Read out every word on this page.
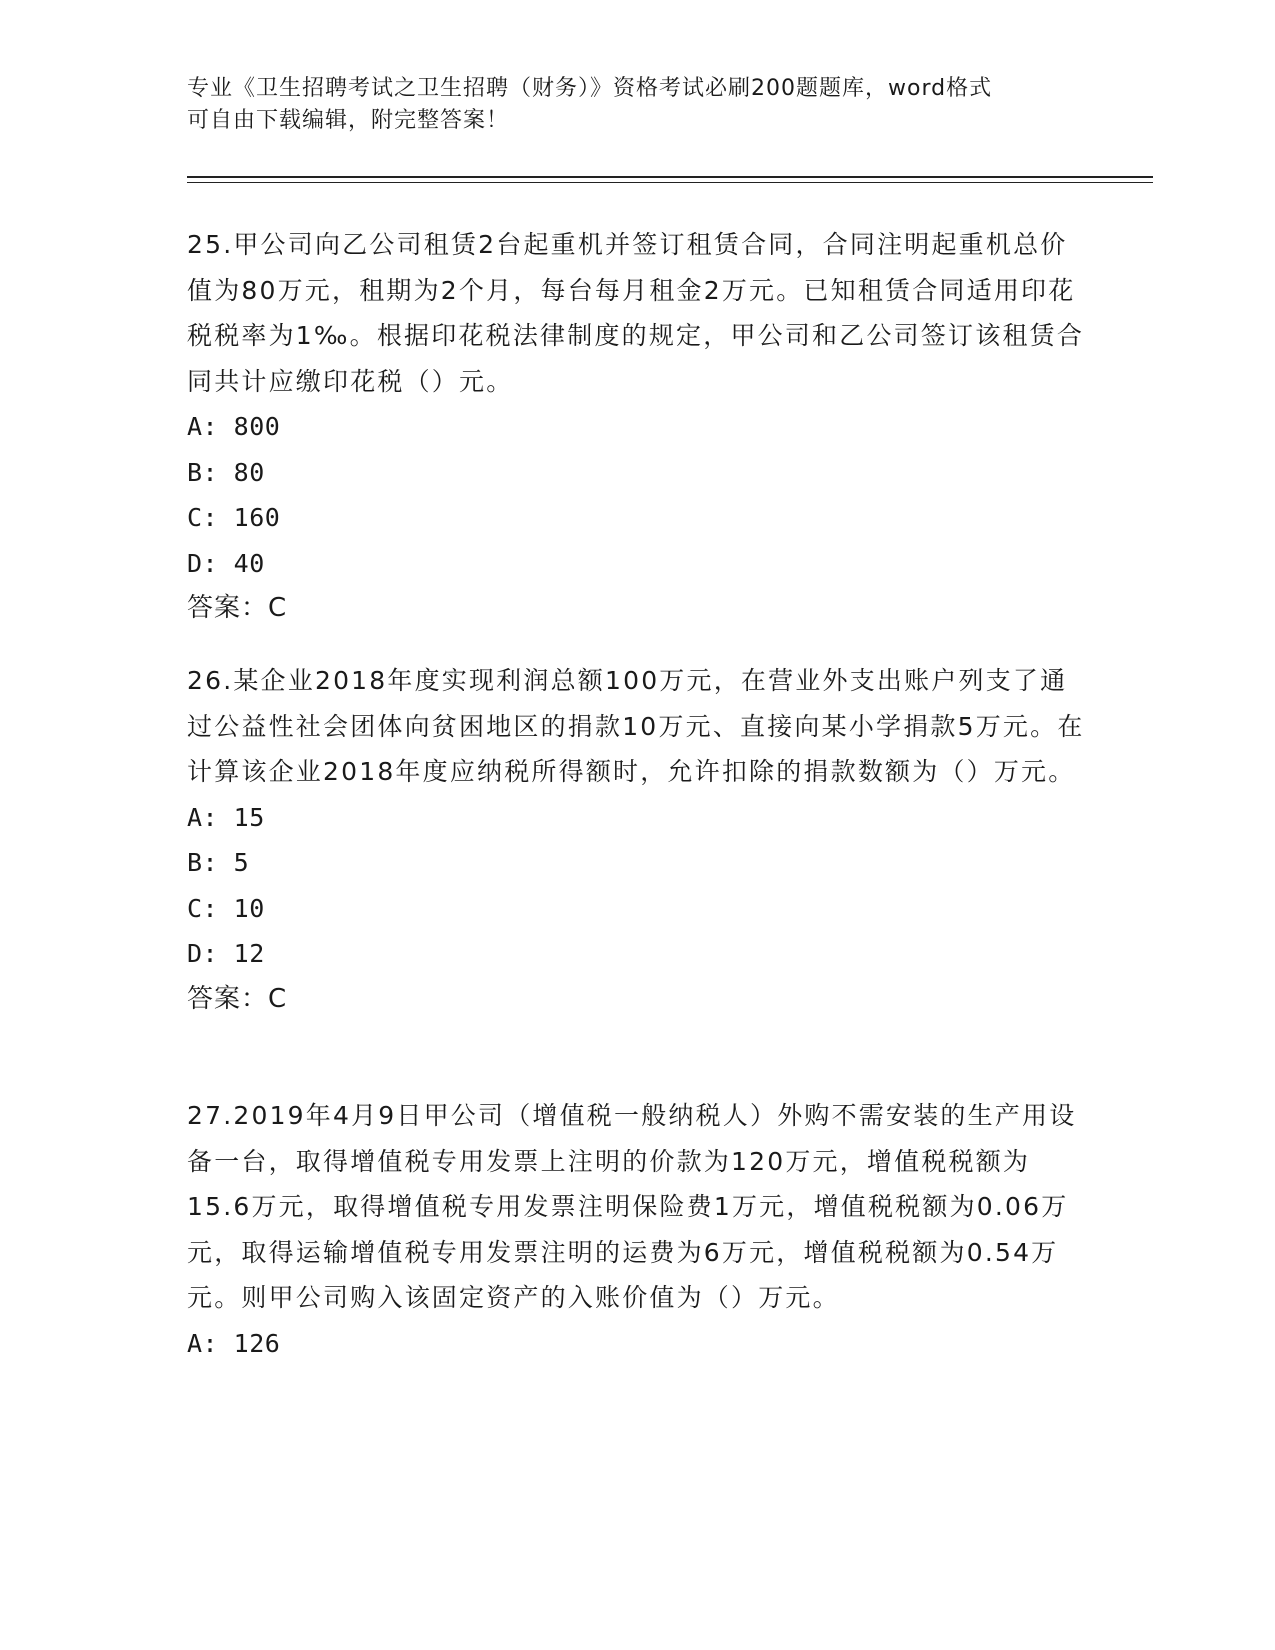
专业《卫生招聘考试之卫生招聘（财务）》资格考试必刷200题题库，word格式
可自由下载编辑，附完整答案！

25.甲公司向乙公司租赁2台起重机并签订租赁合同，合同注明起重机总价值为80万元，租期为2个月，每台每月租金2万元。已知租赁合同适用印花税税率为1‰。根据印花税法律制度的规定，甲公司和乙公司签订该租赁合同共计应缴印花税（）元。

A: 800

B: 80

C: 160

D: 40

答案：C

26.某企业2018年度实现利润总额100万元，在营业外支出账户列支了通过公益性社会团体向贫困地区的捐款10万元、直接向某小学捐款5万元。在计算该企业2018年度应纳税所得额时，允许扣除的捐款数额为（）万元。

A: 15

B: 5

C: 10

D: 12

答案：C

27.2019年4月9日甲公司（增值税一般纳税人）外购不需安装的生产用设备一台，取得增值税专用发票上注明的价款为120万元，增值税税额为15.6万元，取得增值税专用发票注明保险费1万元，增值税税额为0.06万元，取得运输增值税专用发票注明的运费为6万元，增值税税额为0.54万元。则甲公司购入该固定资产的入账价值为（）万元。

A: 126
